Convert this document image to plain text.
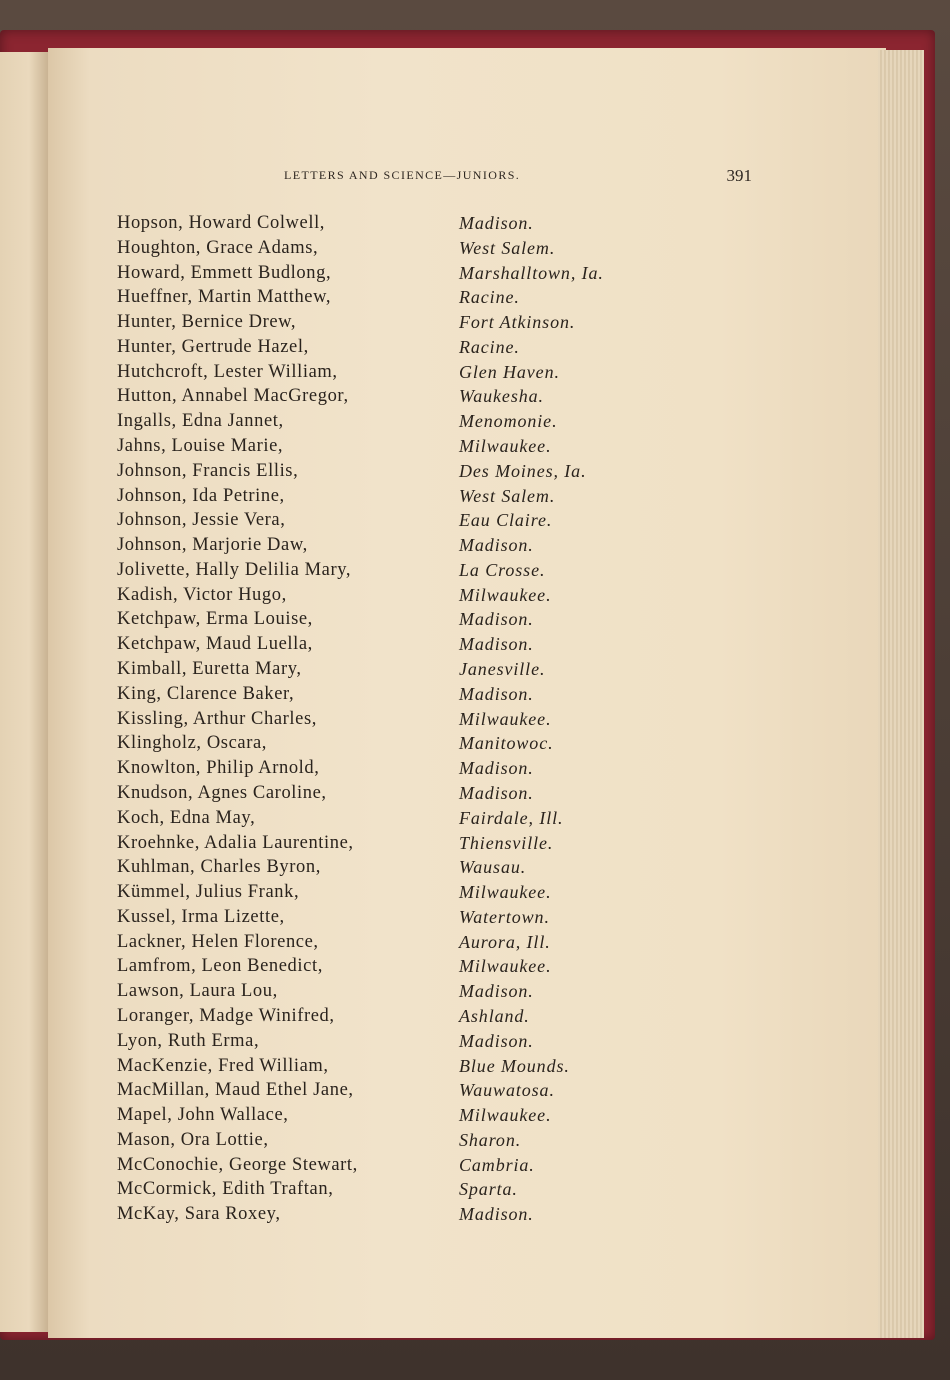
LETTERS AND SCIENCE—JUNIORS.	391
Hopson, Howard Colwell,	Madison.
Houghton, Grace Adams,	West Salem.
Howard, Emmett Budlong,	Marshalltown, Ia.
Hueffner, Martin Matthew,	Racine.
Hunter, Bernice Drew,	Fort Atkinson.
Hunter, Gertrude Hazel,	Racine.
Hutchcroft, Lester William,	Glen Haven.
Hutton, Annabel MacGregor,	Waukesha.
Ingalls, Edna Jannet,	Menomonie.
Jahns, Louise Marie,	Milwaukee.
Johnson, Francis Ellis,	Des Moines, Ia.
Johnson, Ida Petrine,	West Salem.
Johnson, Jessie Vera,	Eau Claire.
Johnson, Marjorie Daw,	Madison.
Jolivette, Hally Delilia Mary,	La Crosse.
Kadish, Victor Hugo,	Milwaukee.
Ketchpaw, Erma Louise,	Madison.
Ketchpaw, Maud Luella,	Madison.
Kimball, Euretta Mary,	Janesville.
King, Clarence Baker,	Madison.
Kissling, Arthur Charles,	Milwaukee.
Klingholz, Oscara,	Manitowoc.
Knowlton, Philip Arnold,	Madison.
Knudson, Agnes Caroline,	Madison.
Koch, Edna May,	Fairdale, Ill.
Kroehnke, Adalia Laurentine,	Thiensville.
Kuhlman, Charles Byron,	Wausau.
Kümmel, Julius Frank,	Milwaukee.
Kussel, Irma Lizette,	Watertown.
Lackner, Helen Florence,	Aurora, Ill.
Lamfrom, Leon Benedict,	Milwaukee.
Lawson, Laura Lou,	Madison.
Loranger, Madge Winifred,	Ashland.
Lyon, Ruth Erma,	Madison.
MacKenzie, Fred William,	Blue Mounds.
MacMillan, Maud Ethel Jane,	Wauwatosa.
Mapel, John Wallace,	Milwaukee.
Mason, Ora Lottie,	Sharon.
McConochie, George Stewart,	Cambria.
McCormick, Edith Traftan,	Sparta.
McKay, Sara Roxey,	Madison.
